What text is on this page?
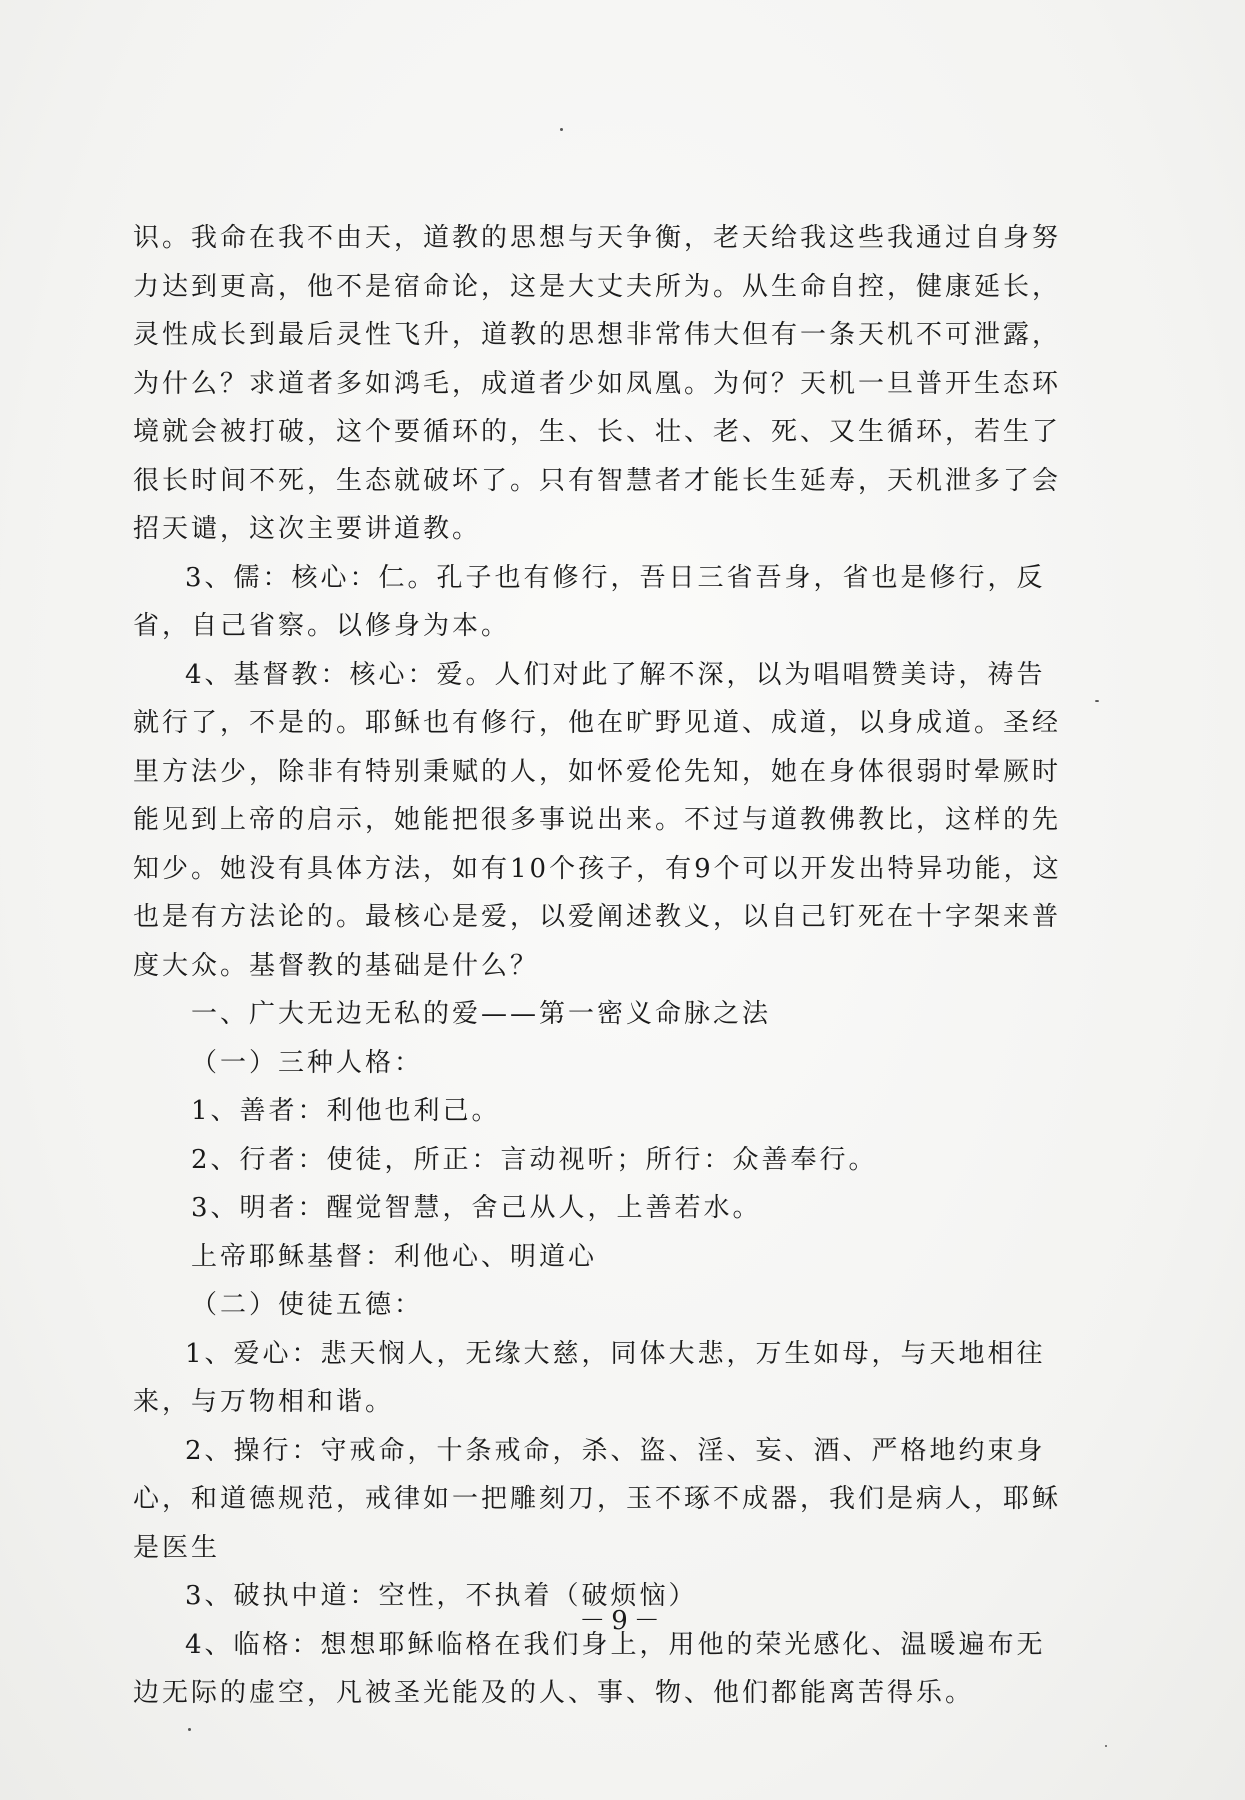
识。我命在我不由天，道教的思想与天争衡，老天给我这些我通过自身努力达到更高，他不是宿命论，这是大丈夫所为。从生命自控，健康延长，灵性成长到最后灵性飞升，道教的思想非常伟大但有一条天机不可泄露，为什么？求道者多如鸿毛，成道者少如凤凰。为何？天机一旦普开生态环境就会被打破，这个要循环的，生、长、壮、老、死、又生循环，若生了很长时间不死，生态就破坏了。只有智慧者才能长生延寿，天机泄多了会招天谴，这次主要讲道教。

3、儒：核心：仁。孔子也有修行，吾日三省吾身，省也是修行，反省，自己省察。以修身为本。

4、基督教：核心：爱。人们对此了解不深，以为唱唱赞美诗，祷告就行了，不是的。耶稣也有修行，他在旷野见道、成道，以身成道。圣经里方法少，除非有特别秉赋的人，如怀爱伦先知，她在身体很弱时晕厥时能见到上帝的启示，她能把很多事说出来。不过与道教佛教比，这样的先知少。她没有具体方法，如有10个孩子，有9个可以开发出特异功能，这也是有方法论的。最核心是爱，以爱阐述教义，以自己钉死在十字架来普度大众。基督教的基础是什么？

一、广大无边无私的爱——第一密义命脉之法

（一）三种人格：

1、善者：利他也利己。

2、行者：使徒，所正：言动视听；所行：众善奉行。

3、明者：醒觉智慧，舍己从人，上善若水。

上帝耶稣基督：利他心、明道心

（二）使徒五德：

1、爱心：悲天悯人，无缘大慈，同体大悲，万生如母，与天地相往来，与万物相和谐。

2、操行：守戒命，十条戒命，杀、盗、淫、妄、酒、严格地约束身心，和道德规范，戒律如一把雕刻刀，玉不琢不成器，我们是病人，耶稣是医生

3、破执中道：空性，不执着（破烦恼）

4、临格：想想耶稣临格在我们身上，用他的荣光感化、温暖遍布无边无际的虚空，凡被圣光能及的人、事、物、他们都能离苦得乐。

－9－
